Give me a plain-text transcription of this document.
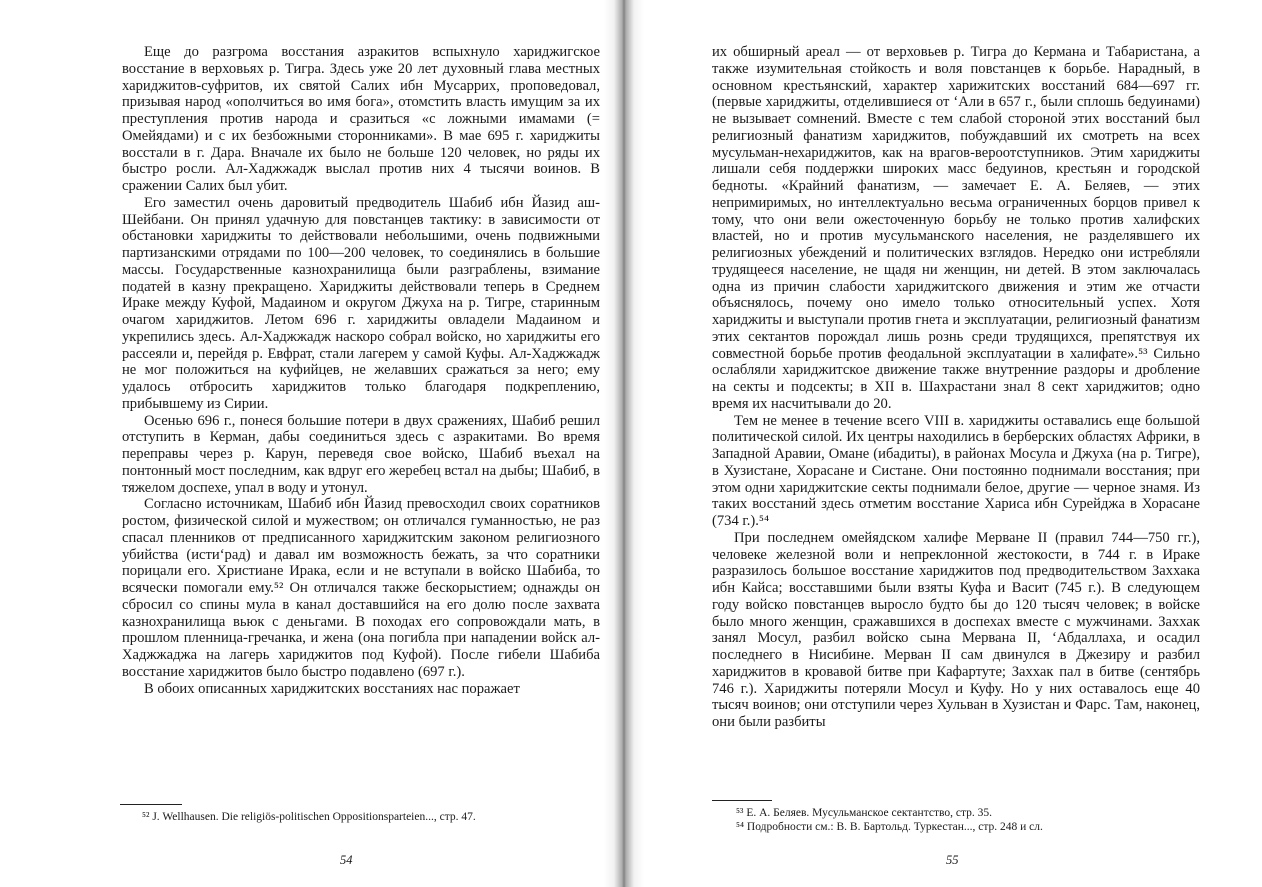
Еще до разгрома восстания азракитов вспыхнуло хариджигское восстание в верховьях р. Тигра. Здесь уже 20 лет духовный глава местных хариджитов-суфритов, их святой Салих ибн Мусаррих, проповедовал, призывая народ «ополчиться во имя бога», отомстить власть имущим за их преступления против народа и сразиться «с ложными имамами (= Омейядами) и с их безбожными сторонниками». В мае 695 г. хариджиты восстали в г. Дара. Вначале их было не больше 120 человек, но ряды их быстро росли. Ал-Хаджжадж выслал против них 4 тысячи воинов. В сражении Салих был убит.

Его заместил очень даровитый предводитель Шабиб ибн Йазид аш-Шейбани. Он принял удачную для повстанцев тактику: в зависимости от обстановки хариджиты то действовали небольшими, очень подвижными партизанскими отрядами по 100—200 человек, то соединялись в большие массы. Государственные казнохранилища были разграблены, взимание податей в казну прекращено. Хариджиты действовали теперь в Среднем Ираке между Куфой, Мадаином и округом Джуха на р. Тигре, старинным очагом хариджитов. Летом 696 г. хариджиты овладели Мадаином и укрепились здесь. Ал-Хаджжадж наскоро собрал войско, но хариджиты его рассеяли и, перейдя р. Евфрат, стали лагерем у самой Куфы. Ал-Хаджжадж не мог положиться на куфийцев, не желавших сражаться за него; ему удалось отбросить хариджитов только благодаря подкреплению, прибывшему из Сирии.

Осенью 696 г., понеся большие потери в двух сражениях, Шабиб решил отступить в Керман, дабы соединиться здесь с азракитами. Во время переправы через р. Карун, переведя свое войско, Шабиб въехал на понтонный мост последним, как вдруг его жеребец встал на дыбы; Шабиб, в тяжелом доспехе, упал в воду и утонул.

Согласно источникам, Шабиб ибн Йазид превосходил своих соратников ростом, физической силой и мужеством; он отличался гуманностью, не раз спасал пленников от предписанного хариджитским законом религиозного убийства (исти‘рад) и давал им возможность бежать, за что соратники порицали его. Христиане Ирака, если и не вступали в войско Шабиба, то всячески помогали ему.⁵² Он отличался также бескорыстием; однажды он сбросил со спины мула в канал доставшийся на его долю после захвата казнохранилища вьюк с деньгами. В походах его сопровождали мать, в прошлом пленница-гречанка, и жена (она погибла при нападении войск ал-Хаджжаджа на лагерь хариджитов под Куфой). После гибели Шабиба восстание хариджитов было быстро подавлено (697 г.).

В обоих описанных хариджитских восстаниях нас поражает

⁵² J. Wellhausen. Die religiös-politischen Oppositionsparteien..., стр. 47.

54

их обширный ареал — от верховьев р. Тигра до Кермана и Табаристана, а также изумительная стойкость и воля повстанцев к борьбе. Нарадный, в основном крестьянский, характер харижитских восстаний 684—697 гг. (первые хариджиты, отделившиеся от ‘Али в 657 г., были сплошь бедуинами) не вызывает сомнений. Вместе с тем слабой стороной этих восстаний был религиозный фанатизм хариджитов, побуждавший их смотреть на всех мусульман-нехариджитов, как на врагов-вероотступников. Этим хариджиты лишали себя поддержки широких масс бедуинов, крестьян и городской бедноты. «Крайний фанатизм, — замечает Е. А. Беляев, — этих непримиримых, но интеллектуально весьма ограниченных борцов привел к тому, что они вели ожесточенную борьбу не только против халифских властей, но и против мусульманского населения, не разделявшего их религиозных убеждений и политических взглядов. Нередко они истребляли трудящееся население, не щадя ни женщин, ни детей. В этом заключалась одна из причин слабости хариджитского движения и этим же отчасти объяснялось, почему оно имело только относительный успех. Хотя хариджиты и выступали против гнета и эксплуатации, религиозный фанатизм этих сектантов порождал лишь рознь среди трудящихся, препятствуя их совместной борьбе против феодальной эксплуатации в халифате».⁵³ Сильно ослабляли хариджитское движение также внутренние раздоры и дробление на секты и подсекты; в XII в. Шахрастани знал 8 сект хариджитов; одно время их насчитывали до 20.

Тем не менее в течение всего VIII в. хариджиты оставались еще большой политической силой. Их центры находились в берберских областях Африки, в Западной Аравии, Омане (ибадиты), в районах Мосула и Джуха (на р. Тигре), в Хузистане, Хорасане и Систане. Они постоянно поднимали восстания; при этом одни хариджитские секты поднимали белое, другие — черное знамя. Из таких восстаний здесь отметим восстание Хариса ибн Сурейджа в Хорасане (734 г.).⁵⁴

При последнем омейядском халифе Мерване II (правил 744—750 гг.), человеке железной воли и непреклонной жестокости, в 744 г. в Ираке разразилось большое восстание хариджитов под предводительством Заххака ибн Кайса; восставшими были взяты Куфа и Васит (745 г.). В следующем году войско повстанцев выросло будто бы до 120 тысяч человек; в войске было много женщин, сражавшихся в доспехах вместе с мужчинами. Заххак занял Мосул, разбил войско сына Мервана II, ‘Абдаллаха, и осадил последнего в Нисибине. Мерван II сам двинулся в Джезиру и разбил хариджитов в кровавой битве при Кафартуте; Заххак пал в битве (сентябрь 746 г.). Хариджиты потеряли Мосул и Куфу. Но у них оставалось еще 40 тысяч воинов; они отступили через Хульван в Хузистан и Фарс. Там, наконец, они были разбиты

⁵³ Е. А. Беляев. Мусульманское сектантство, стр. 35.

⁵⁴ Подробности см.: В. В. Бартольд. Туркестан..., стр. 248 и сл.

55
